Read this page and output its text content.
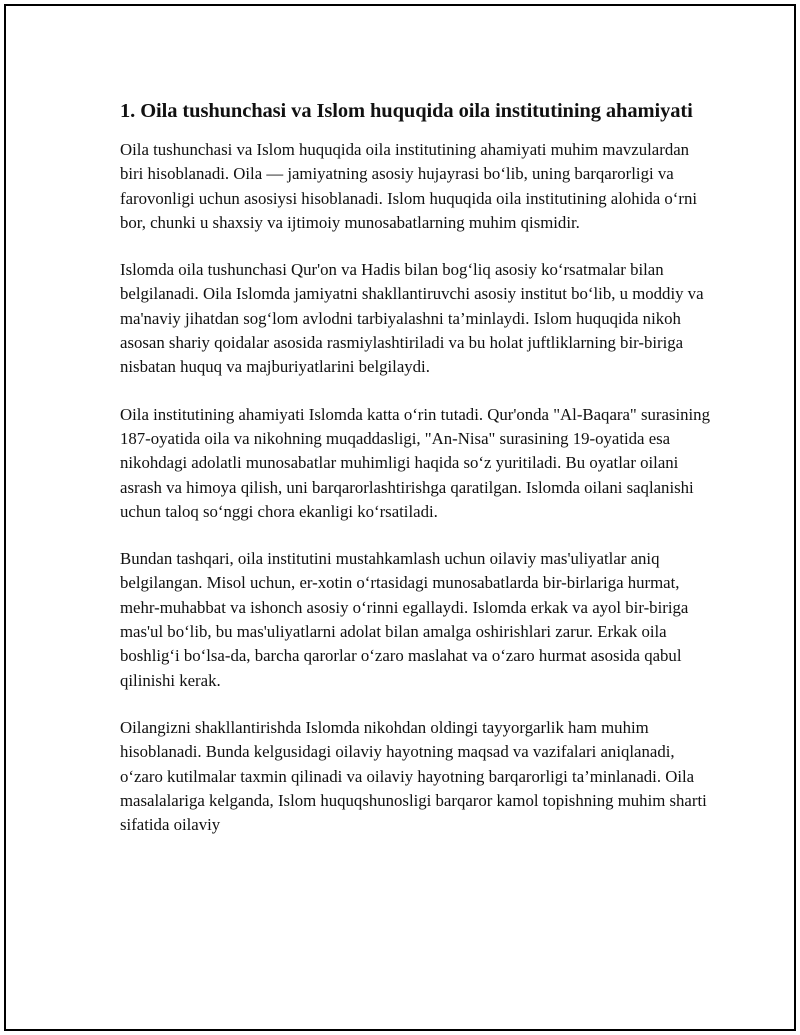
1. Oila tushunchasi va Islom huquqida oila institutining ahamiyati

Oila tushunchasi va Islom huquqida oila institutining ahamiyati muhim mavzulardan biri hisoblanadi. Oila — jamiyatning asosiy hujayrasi bo‘lib, uning barqarorligi va farovonligi uchun asosiysi hisoblanadi. Islom huquqida oila institutining alohida o‘rni bor, chunki u shaxsiy va ijtimoiy munosabatlarning muhim qismidir.

Islomda oila tushunchasi Qur'on va Hadis bilan bog‘liq asosiy ko‘rsatmalar bilan belgilanadi. Oila Islomda jamiyatni shakllantiruvchi asosiy institut bo‘lib, u moddiy va ma'naviy jihatdan sog‘lom avlodni tarbiyalashni ta’minlaydi. Islom huquqida nikoh asosan shariy qoidalar asosida rasmiylashtiriladi va bu holat juftliklarning bir-biriga nisbatan huquq va majburiyatlarini belgilaydi.

Oila institutining ahamiyati Islomda katta o‘rin tutadi. Qur'onda "Al-Baqara" surasining 187-oyatida oila va nikohning muqaddasligi, "An-Nisa" surasining 19-oyatida esa nikohdagi adolatli munosabatlar muhimligi haqida so‘z yuritiladi. Bu oyatlar oilani asrash va himoya qilish, uni barqarorlashtirishga qaratilgan. Islomda oilani saqlanishi uchun taloq so‘nggi chora ekanligi ko‘rsatiladi.

Bundan tashqari, oila institutini mustahkamlash uchun oilaviy mas'uliyatlar aniq belgilangan. Misol uchun, er-xotin o‘rtasidagi munosabatlarda bir-birlariga hurmat, mehr-muhabbat va ishonch asosiy o‘rinni egallaydi. Islomda erkak va ayol bir-biriga mas'ul bo‘lib, bu mas'uliyatlarni adolat bilan amalga oshirishlari zarur. Erkak oila boshlig‘i bo‘lsa-da, barcha qarorlar o‘zaro maslahat va o‘zaro hurmat asosida qabul qilinishi kerak.

Oilangizni shakllantirishda Islomda nikohdan oldingi tayyorgarlik ham muhim hisoblanadi. Bunda kelgusidagi oilaviy hayotning maqsad va vazifalari aniqlanadi, o‘zaro kutilmalar taxmin qilinadi va oilaviy hayotning barqarorligi ta’minlanadi. Oila masalalariga kelganda, Islom huquqshunosligi barqaror kamol topishning muhim sharti sifatida oilaviy
